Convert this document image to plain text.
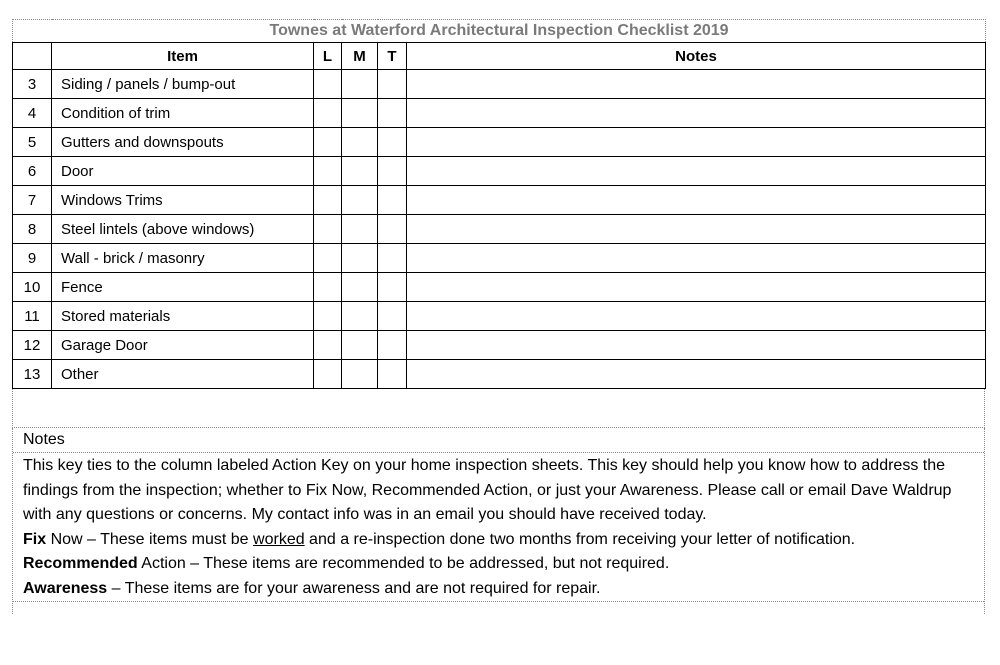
Townes at Waterford Architectural Inspection Checklist 2019					
	Item	L	M	T	Notes
3	Siding / panels / bump-out				
4	Condition of trim				
5	Gutters and downspouts				
6	Door				
7	Windows Trims				
8	Steel lintels (above windows)				
9	Wall - brick / masonry				
10	Fence				
11	Stored materials				
12	Garage Door				
13	Other				
Notes

This key ties to the column labeled Action Key on your home inspection sheets. This key should help you know how to address the findings from the inspection; whether to Fix Now, Recommended Action, or just your Awareness. Please call or email Dave Waldrup with any questions or concerns. My contact info was in an email you should have received today.

Fix Now – These items must be worked and a re-inspection done two months from receiving your letter of notification.

Recommended Action – These items are recommended to be addressed, but not required.

Awareness – These items are for your awareness and are not required for repair.
